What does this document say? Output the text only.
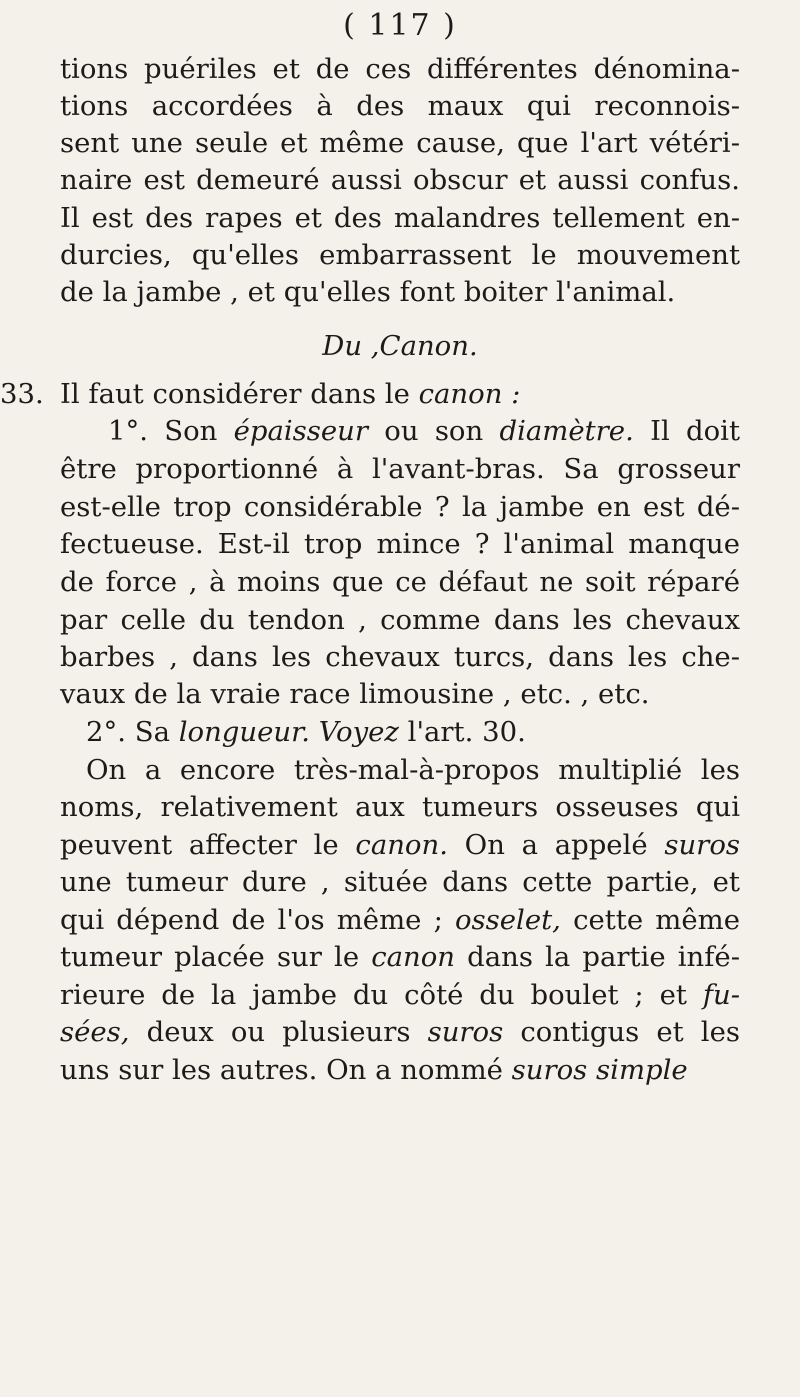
( 117 )
tions puériles et de ces différentes dénomina-
tions accordées à des maux qui reconnois-
sent une seule et même cause, que l'art vétéri-
naire est demeuré aussi obscur et aussi confus.
Il est des rapes et des malandres tellement en-
durcies, qu'elles embarrassent le mouvement
de la jambe , et qu'elles font boiter l'animal.
Du ,Canon.
33. Il faut considérer dans le canon :
1°. Son épaisseur ou son diamètre. Il doit
être proportionné à l'avant-bras. Sa grosseur
est-elle trop considérable ? la jambe en est dé-
fectueuse. Est-il trop mince ? l'animal manque
de force , à moins que ce défaut ne soit réparé
par celle du tendon , comme dans les chevaux
barbes , dans les chevaux turcs, dans les che-
vaux de la vraie race limousine , etc. , etc.
2°. Sa longueur. Voyez l'art. 30.
On a encore très-mal-à-propos multiplié les
noms, relativement aux tumeurs osseuses qui
peuvent affecter le canon. On a appelé suros
une tumeur dure , située dans cette partie, et
qui dépend de l'os même ; osselet, cette même
tumeur placée sur le canon dans la partie infé-
rieure de la jambe du côté du boulet ; et fu-
sées, deux ou plusieurs suros contigus et les
uns sur les autres. On a nommé suros simple
